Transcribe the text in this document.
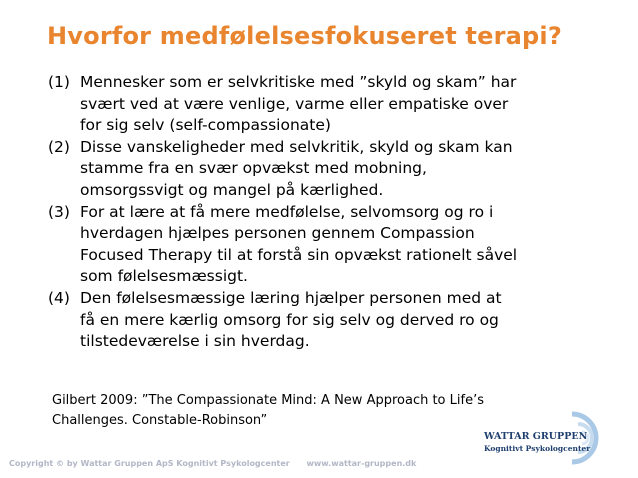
Hvorfor medfølelsesfokuseret terapi?
(1) Mennesker som er selvkritiske med ”skyld og skam” har
svært ved at være venlige, varme eller empatiske over
for sig selv (self-compassionate)

(2) Disse vanskeligheder med selvkritik, skyld og skam kan
stamme fra en svær opvækst med mobning,
omsorgssvigt og mangel på kærlighed.

(3) For at lære at få mere medfølelse, selvomsorg og ro i
hverdagen hjælpes personen gennem Compassion
Focused Therapy til at forstå sin opvækst rationelt såvel
som følelsesmæssigt.

(4) Den følelsesmæssige læring hjælper personen med at
få en mere kærlig omsorg for sig selv og derved ro og
tilstedeværelse i sin hverdag.

Gilbert 2009: ”The Compassionate Mind: A New Approach to Life’s
Challenges. Constable-Robinson”
WATTAR GRUPPEN
Kognitivt Psykologcenter
Copyright © by Wattar Gruppen ApS Kognitivt Psykologcenter www.wattar-gruppen.dk
